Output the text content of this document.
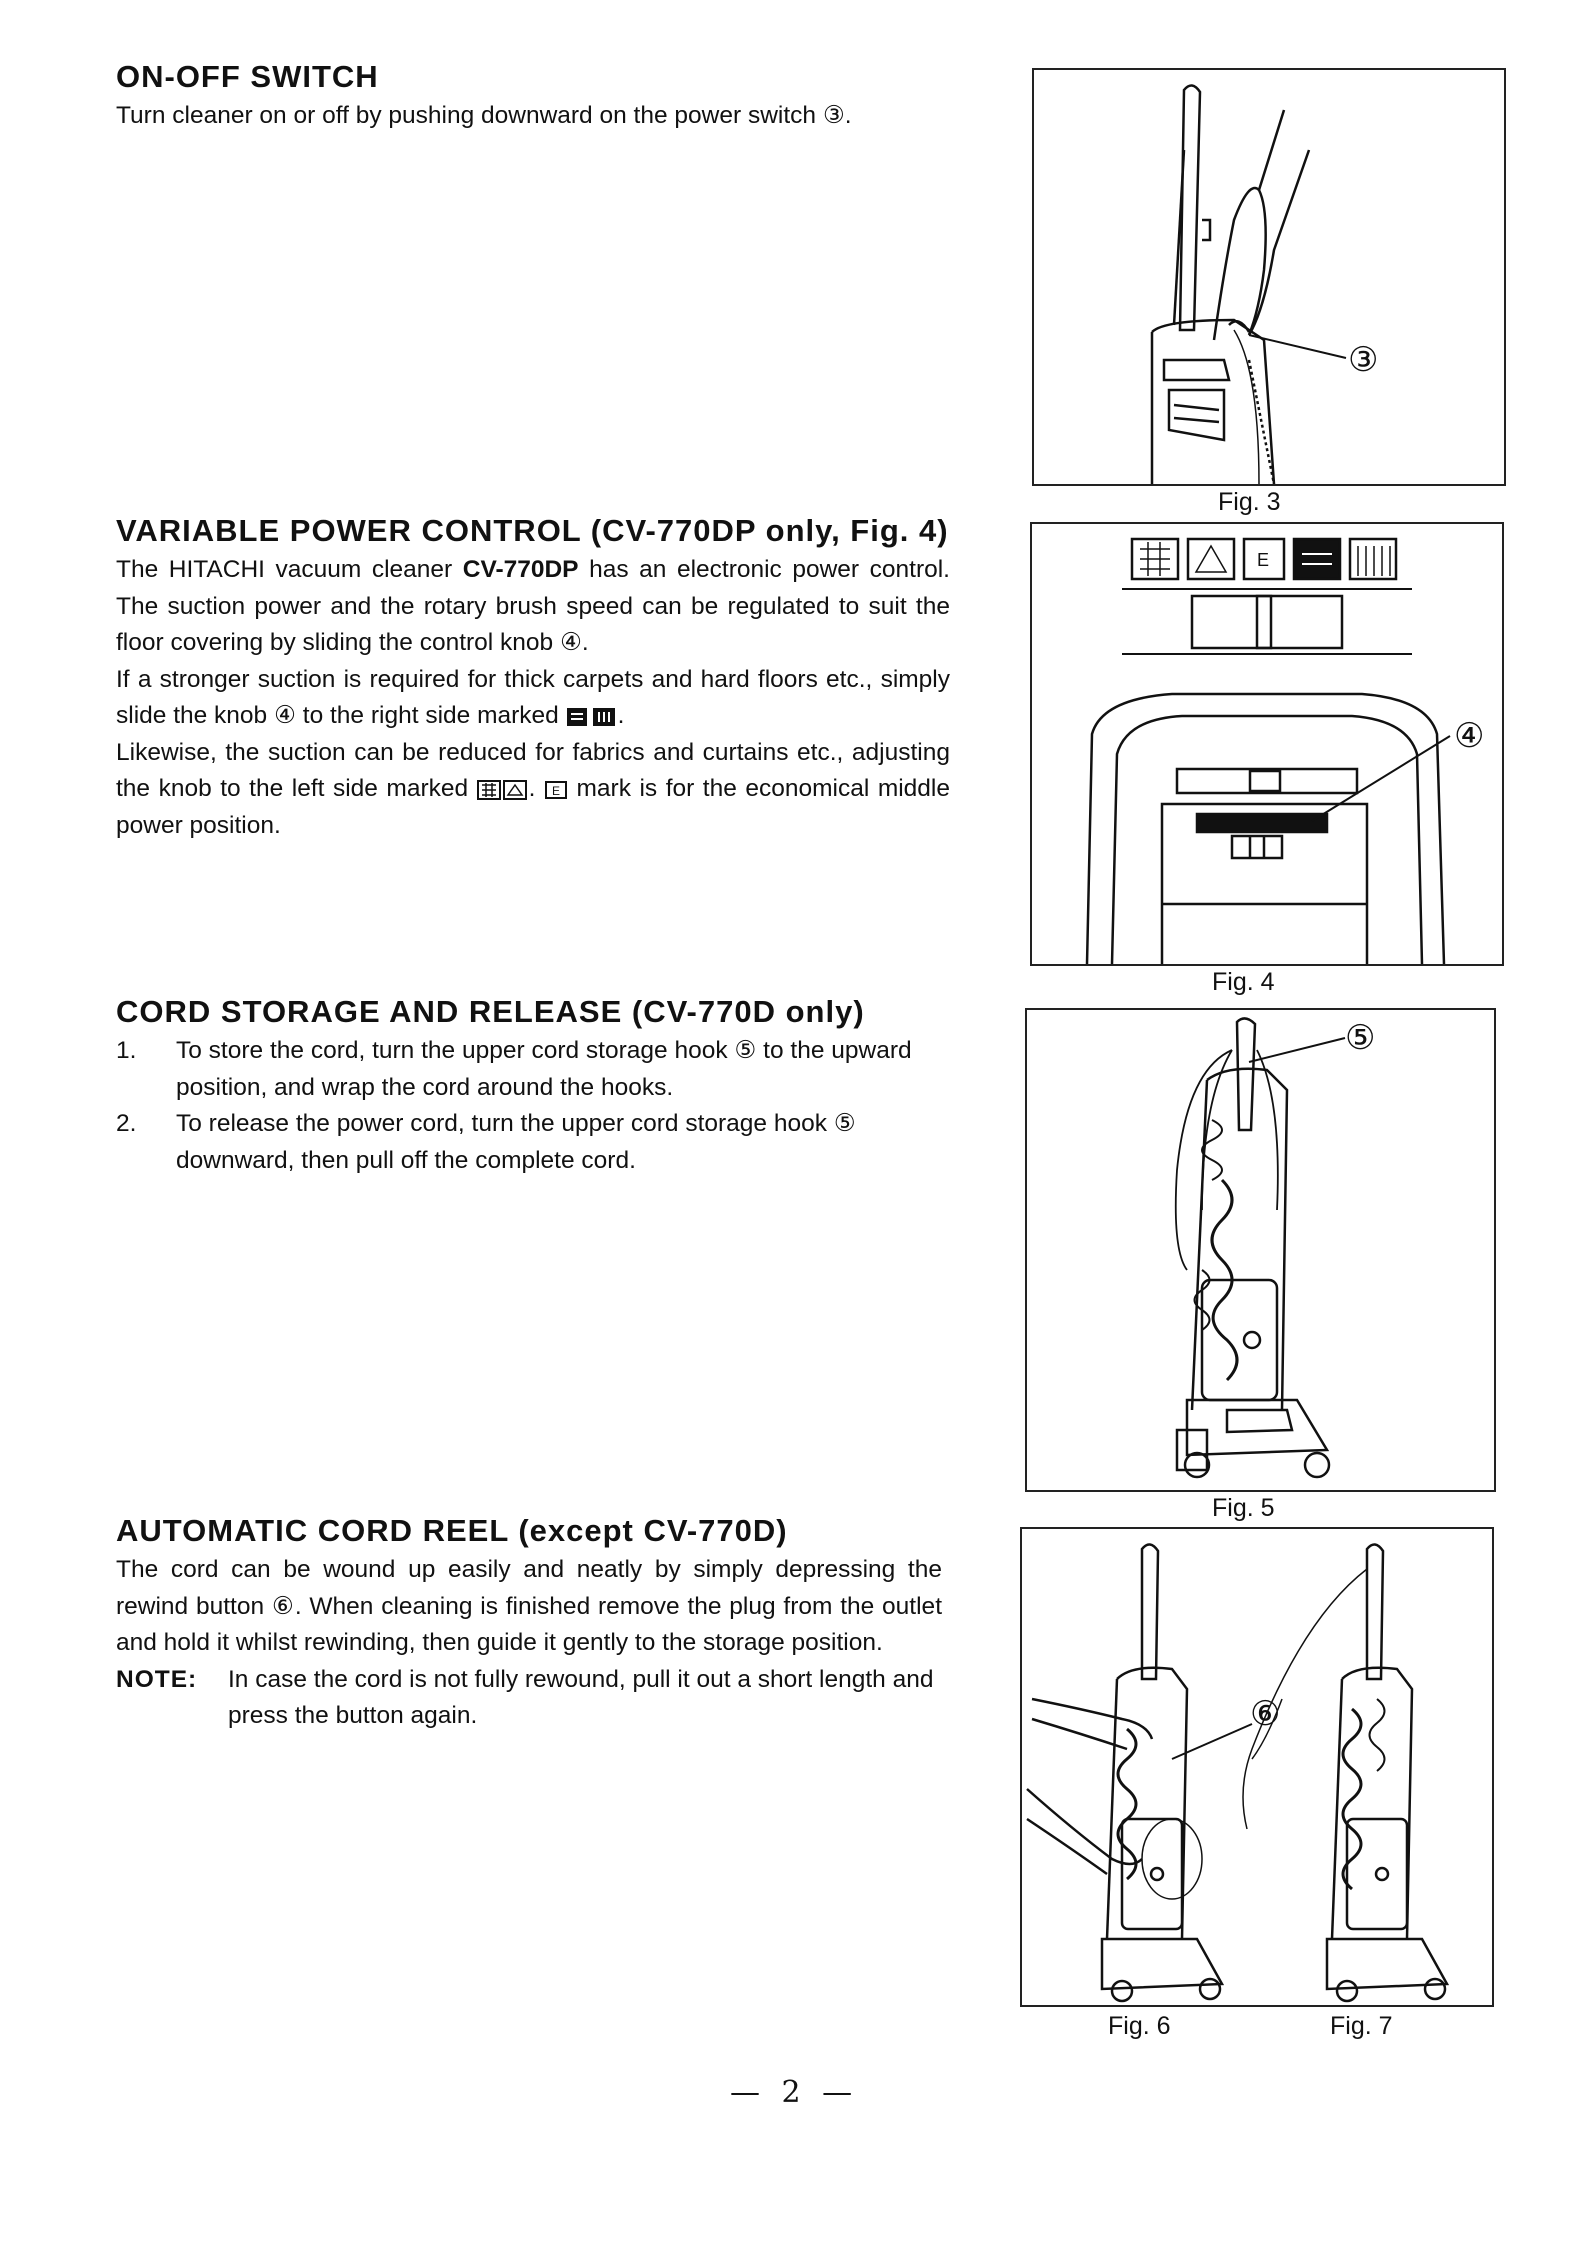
ON-OFF SWITCH

Turn cleaner on or off by pushing downward on the power switch ③.

VARIABLE POWER CONTROL (CV-770DP only, Fig. 4)

The HITACHI vacuum cleaner CV-770DP has an electronic power control. The suction power and the rotary brush speed can be regulated to suit the floor covering by sliding the control knob ④.

If a stronger suction is required for thick carpets and hard floors etc., simply slide the knob ④ to the right side marked .

Likewise, the suction can be reduced for fabrics and curtains etc., adjusting the knob to the left side marked . E mark is for the economical middle power position.

CORD STORAGE AND RELEASE (CV-770D only)
1. To store the cord, turn the upper cord storage hook ⑤ to the upward position, and wrap the cord around the hooks.
2. To release the power cord, turn the upper cord storage hook ⑤ downward, then pull off the complete cord.
AUTOMATIC CORD REEL (except CV-770D)

The cord can be wound up easily and neatly by simply depressing the rewind button ⑥. When cleaning is finished remove the plug from the outlet and hold it whilst rewinding, then guide it gently to the storage position.

NOTE: In case the cord is not fully rewound, pull it out a short length and press the button again.
③
Fig. 3
E
④
Fig. 4
⑤
Fig. 5
⑥
Fig. 6	Fig. 7
— 2 —
